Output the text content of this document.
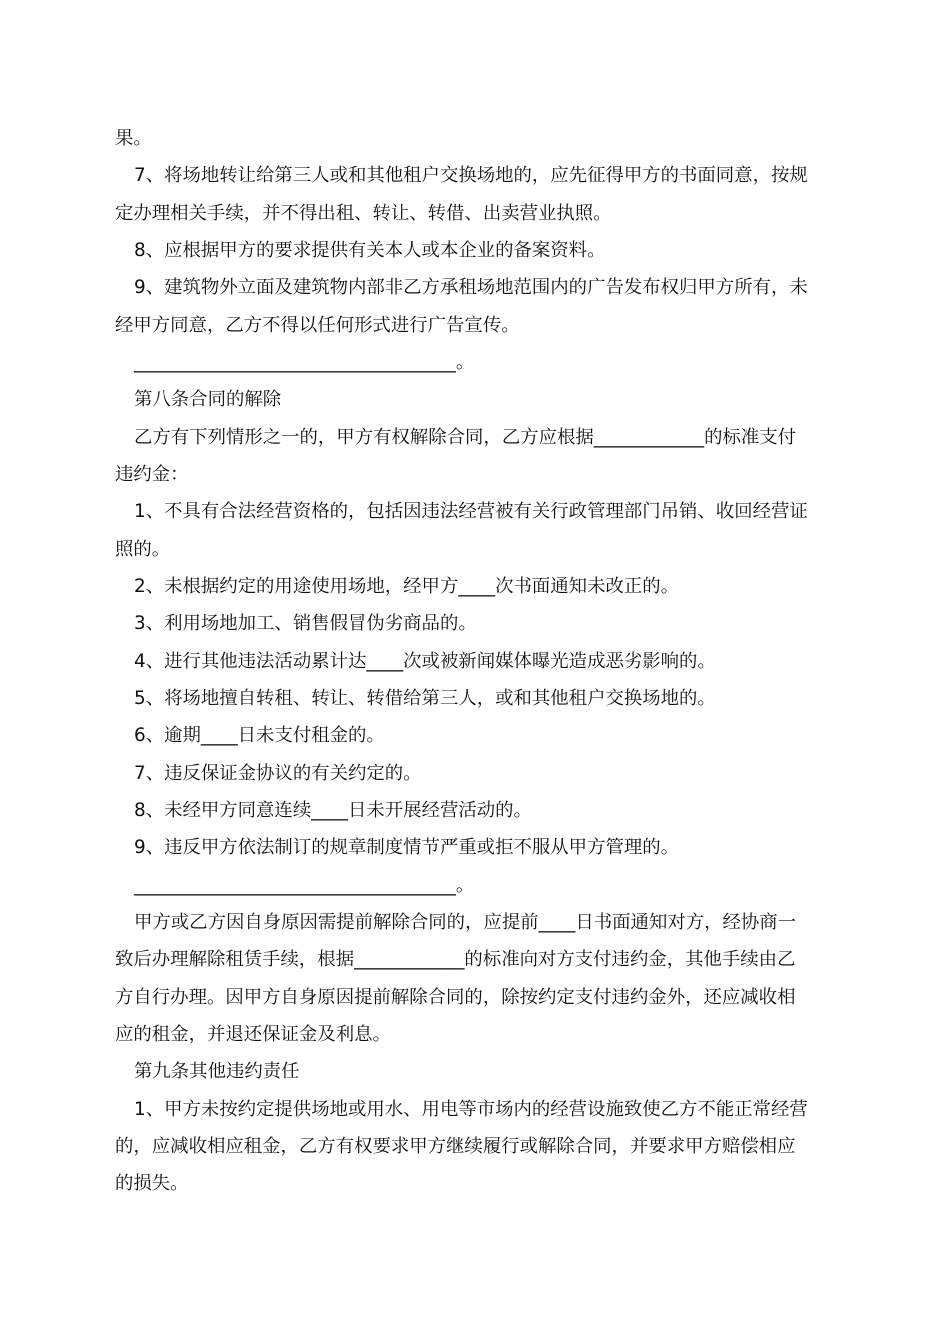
果。
7、将场地转让给第三人或和其他租户交换场地的，应先征得甲方的书面同意，按规
定办理相关手续，并不得出租、转让、转借、出卖营业执照。
8、应根据甲方的要求提供有关本人或本企业的备案资料。
9、建筑物外立面及建筑物内部非乙方承租场地范围内的广告发布权归甲方所有，未
经甲方同意，乙方不得以任何形式进行广告宣传。
___________________________________。
第八条合同的解除
乙方有下列情形之一的，甲方有权解除合同，乙方应根据____________的标准支付
违约金：
1、不具有合法经营资格的，包括因违法经营被有关行政管理部门吊销、收回经营证
照的。
2、未根据约定的用途使用场地，经甲方____次书面通知未改正的。
3、利用场地加工、销售假冒伪劣商品的。
4、进行其他违法活动累计达____次或被新闻媒体曝光造成恶劣影响的。
5、将场地擅自转租、转让、转借给第三人，或和其他租户交换场地的。
6、逾期____日未支付租金的。
7、违反保证金协议的有关约定的。
8、未经甲方同意连续____日未开展经营活动的。
9、违反甲方依法制订的规章制度情节严重或拒不服从甲方管理的。
___________________________________。
甲方或乙方因自身原因需提前解除合同的，应提前____日书面通知对方，经协商一
致后办理解除租赁手续，根据____________的标准向对方支付违约金，其他手续由乙
方自行办理。因甲方自身原因提前解除合同的，除按约定支付违约金外，还应减收相
应的租金，并退还保证金及利息。
第九条其他违约责任
1、甲方未按约定提供场地或用水、用电等市场内的经营设施致使乙方不能正常经营
的，应减收相应租金，乙方有权要求甲方继续履行或解除合同，并要求甲方赔偿相应
的损失。
